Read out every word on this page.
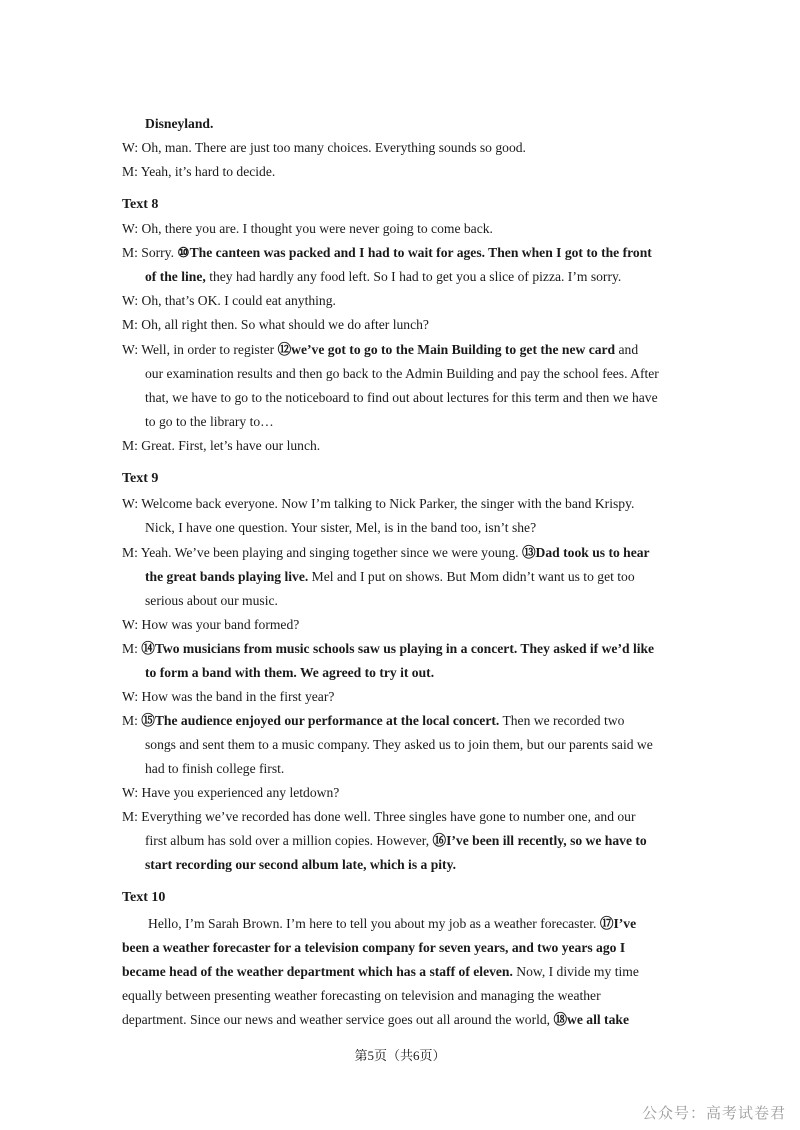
Disneyland.
W: Oh, man. There are just too many choices. Everything sounds so good.
M: Yeah, it’s hard to decide.
Text 8
W: Oh, there you are. I thought you were never going to come back.
M: Sorry. ⑩The canteen was packed and I had to wait for ages. Then when I got to the front
of the line, they had hardly any food left. So I had to get you a slice of pizza. I’m sorry.
W: Oh, that’s OK. I could eat anything.
M: Oh, all right then. So what should we do after lunch?
W: Well, in order to register ⑫we’ve got to go to the Main Building to get the new card and
our examination results and then go back to the Admin Building and pay the school fees. After
that, we have to go to the noticeboard to find out about lectures for this term and then we have
to go to the library to…
M: Great. First, let’s have our lunch.
Text 9
W: Welcome back everyone. Now I’m talking to Nick Parker, the singer with the band Krispy.
Nick, I have one question. Your sister, Mel, is in the band too, isn’t she?
M: Yeah. We’ve been playing and singing together since we were young. ⑬Dad took us to hear
the great bands playing live. Mel and I put on shows. But Mom didn’t want us to get too
serious about our music.
W: How was your band formed?
M: ⑭Two musicians from music schools saw us playing in a concert. They asked if we’d like
to form a band with them. We agreed to try it out.
W: How was the band in the first year?
M: ⑮The audience enjoyed our performance at the local concert. Then we recorded two
songs and sent them to a music company. They asked us to join them, but our parents said we
had to finish college first.
W: Have you experienced any letdown?
M: Everything we’ve recorded has done well. Three singles have gone to number one, and our
first album has sold over a million copies. However, ⑯I’ve been ill recently, so we have to
start recording our second album late, which is a pity.
Text 10
Hello, I’m Sarah Brown. I’m here to tell you about my job as a weather forecaster. ⑰I’ve
been a weather forecaster for a television company for seven years, and two years ago I
became head of the weather department which has a staff of eleven. Now, I divide my time
equally between presenting weather forecasting on television and managing the weather
department. Since our news and weather service goes out all around the world, ⑱we all take
第5页（共6页）
公众号：高考试卷君
